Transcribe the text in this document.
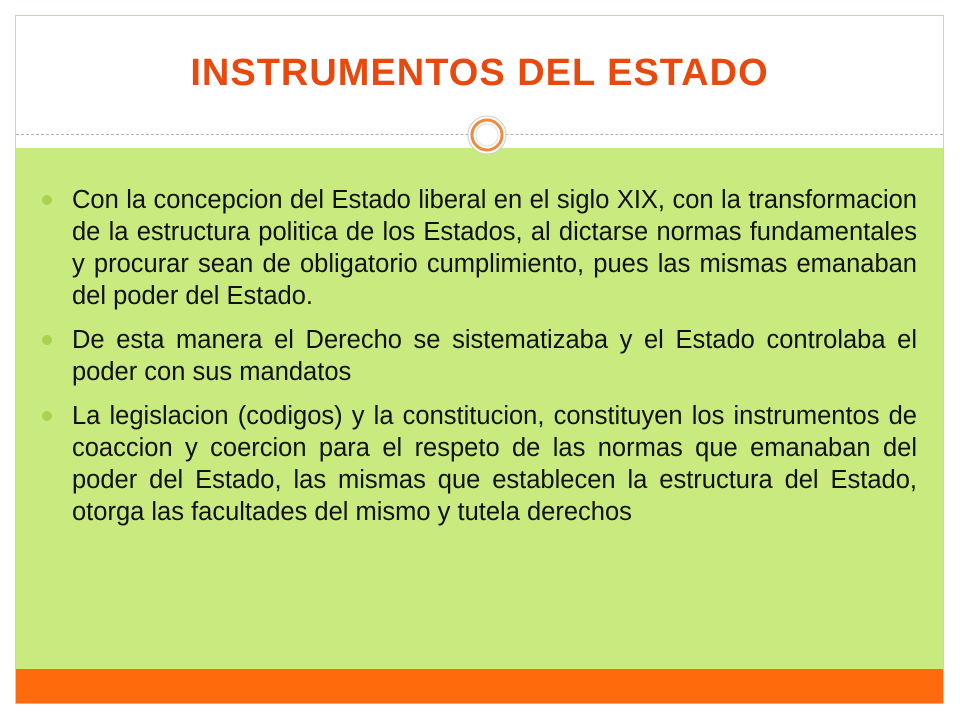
INSTRUMENTOS DEL ESTADO
Con la concepcion del Estado liberal en el siglo XIX, con la transformacion de la estructura politica de los Estados, al dictarse normas fundamentales y procurar sean de obligatorio cumplimiento, pues las mismas emanaban del poder del Estado.
De esta manera el Derecho se sistematizaba y el Estado controlaba el poder con sus mandatos
La legislacion (codigos) y la constitucion, constituyen los instrumentos de coaccion y coercion para el respeto de las normas que emanaban del poder del Estado, las mismas que establecen la estructura del Estado, otorga las facultades del mismo y tutela derechos
